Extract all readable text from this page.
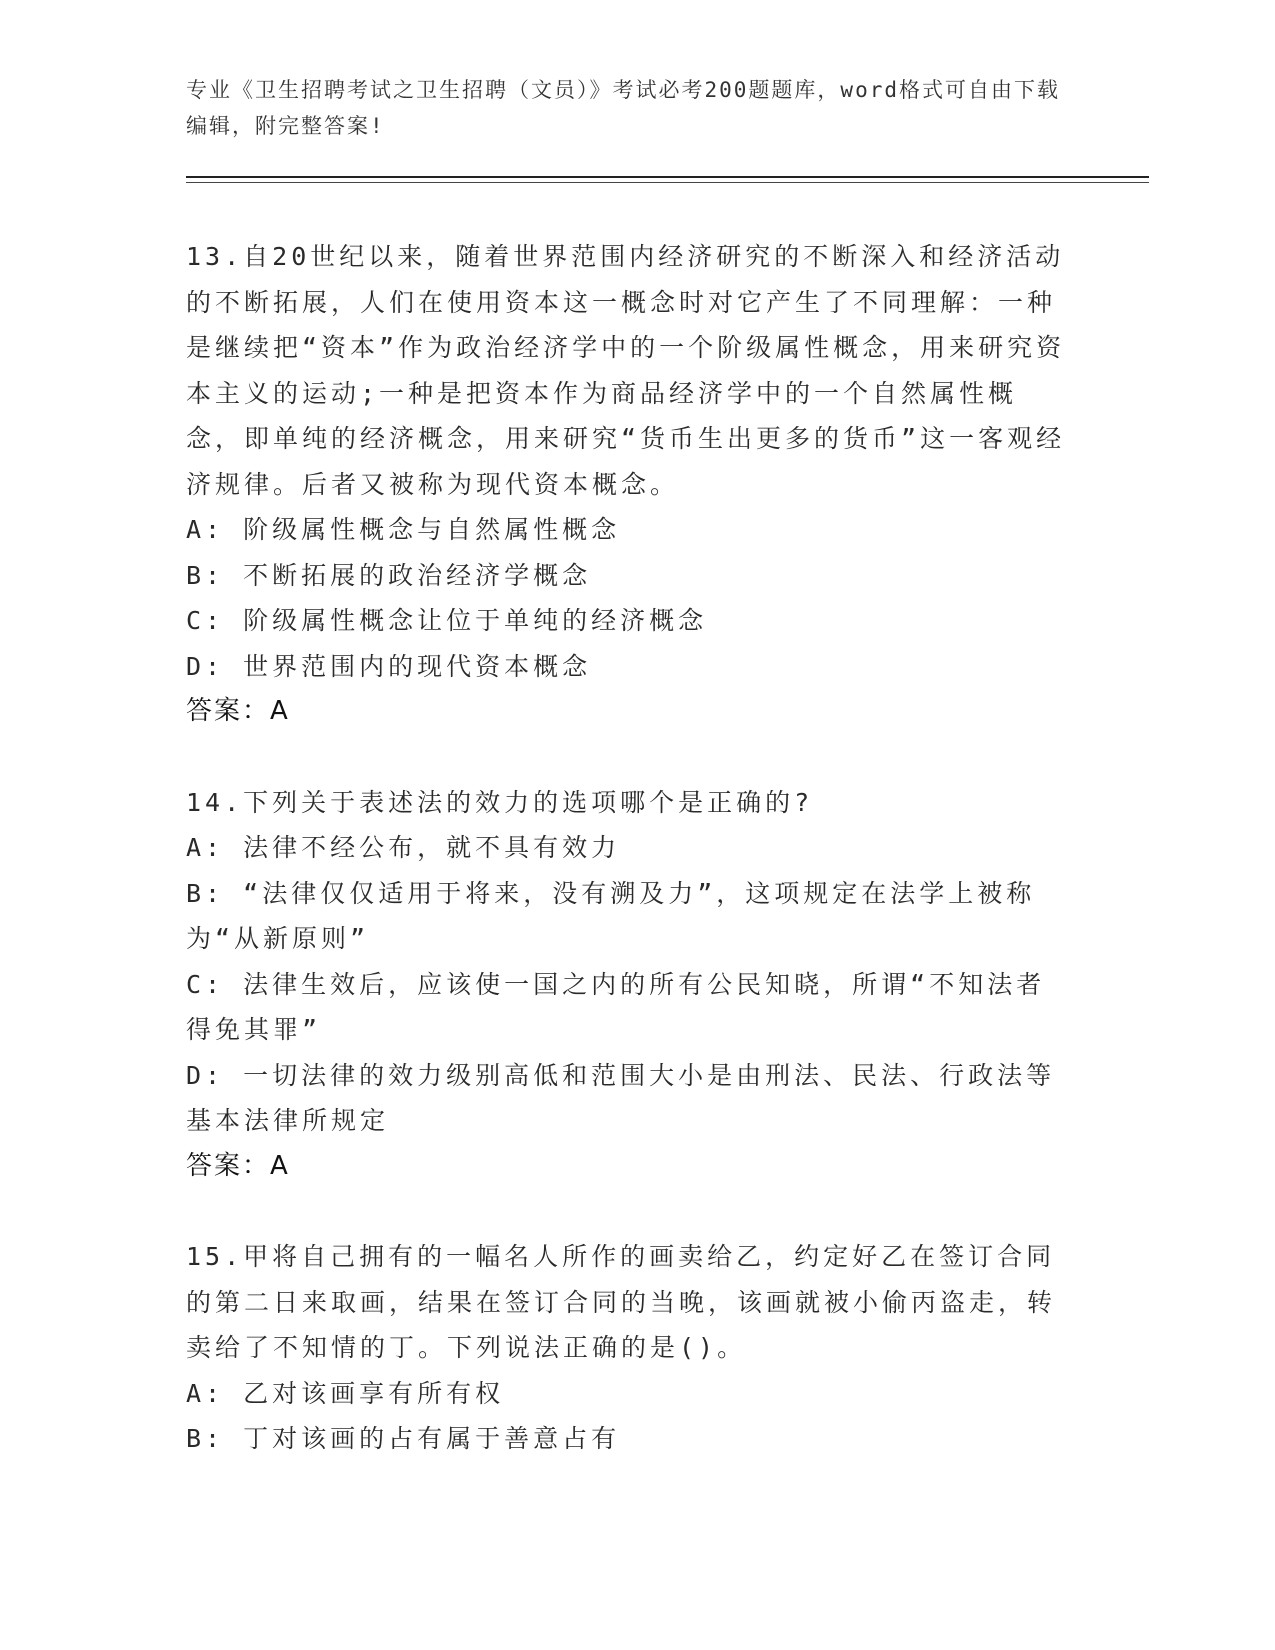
专业《卫生招聘考试之卫生招聘（文员）》考试必考200题题库，word格式可自由下载编辑，附完整答案!

13.自20世纪以来，随着世界范围内经济研究的不断深入和经济活动的不断拓展，人们在使用资本这一概念时对它产生了不同理解：一种是继续把“资本”作为政治经济学中的一个阶级属性概念，用来研究资本主义的运动;一种是把资本作为商品经济学中的一个自然属性概念，即单纯的经济概念，用来研究“货币生出更多的货币”这一客观经济规律。后者又被称为现代资本概念。

A: 阶级属性概念与自然属性概念

B: 不断拓展的政治经济学概念

C: 阶级属性概念让位于单纯的经济概念

D: 世界范围内的现代资本概念

答案：A

14.下列关于表述法的效力的选项哪个是正确的?

A: 法律不经公布，就不具有效力

B: “法律仅仅适用于将来，没有溯及力”，这项规定在法学上被称为“从新原则”

C: 法律生效后，应该使一国之内的所有公民知晓，所谓“不知法者得免其罪”

D: 一切法律的效力级别高低和范围大小是由刑法、民法、行政法等基本法律所规定

答案：A

15.甲将自己拥有的一幅名人所作的画卖给乙，约定好乙在签订合同的第二日来取画，结果在签订合同的当晚，该画就被小偷丙盗走，转卖给了不知情的丁。下列说法正确的是()。

A: 乙对该画享有所有权

B: 丁对该画的占有属于善意占有
